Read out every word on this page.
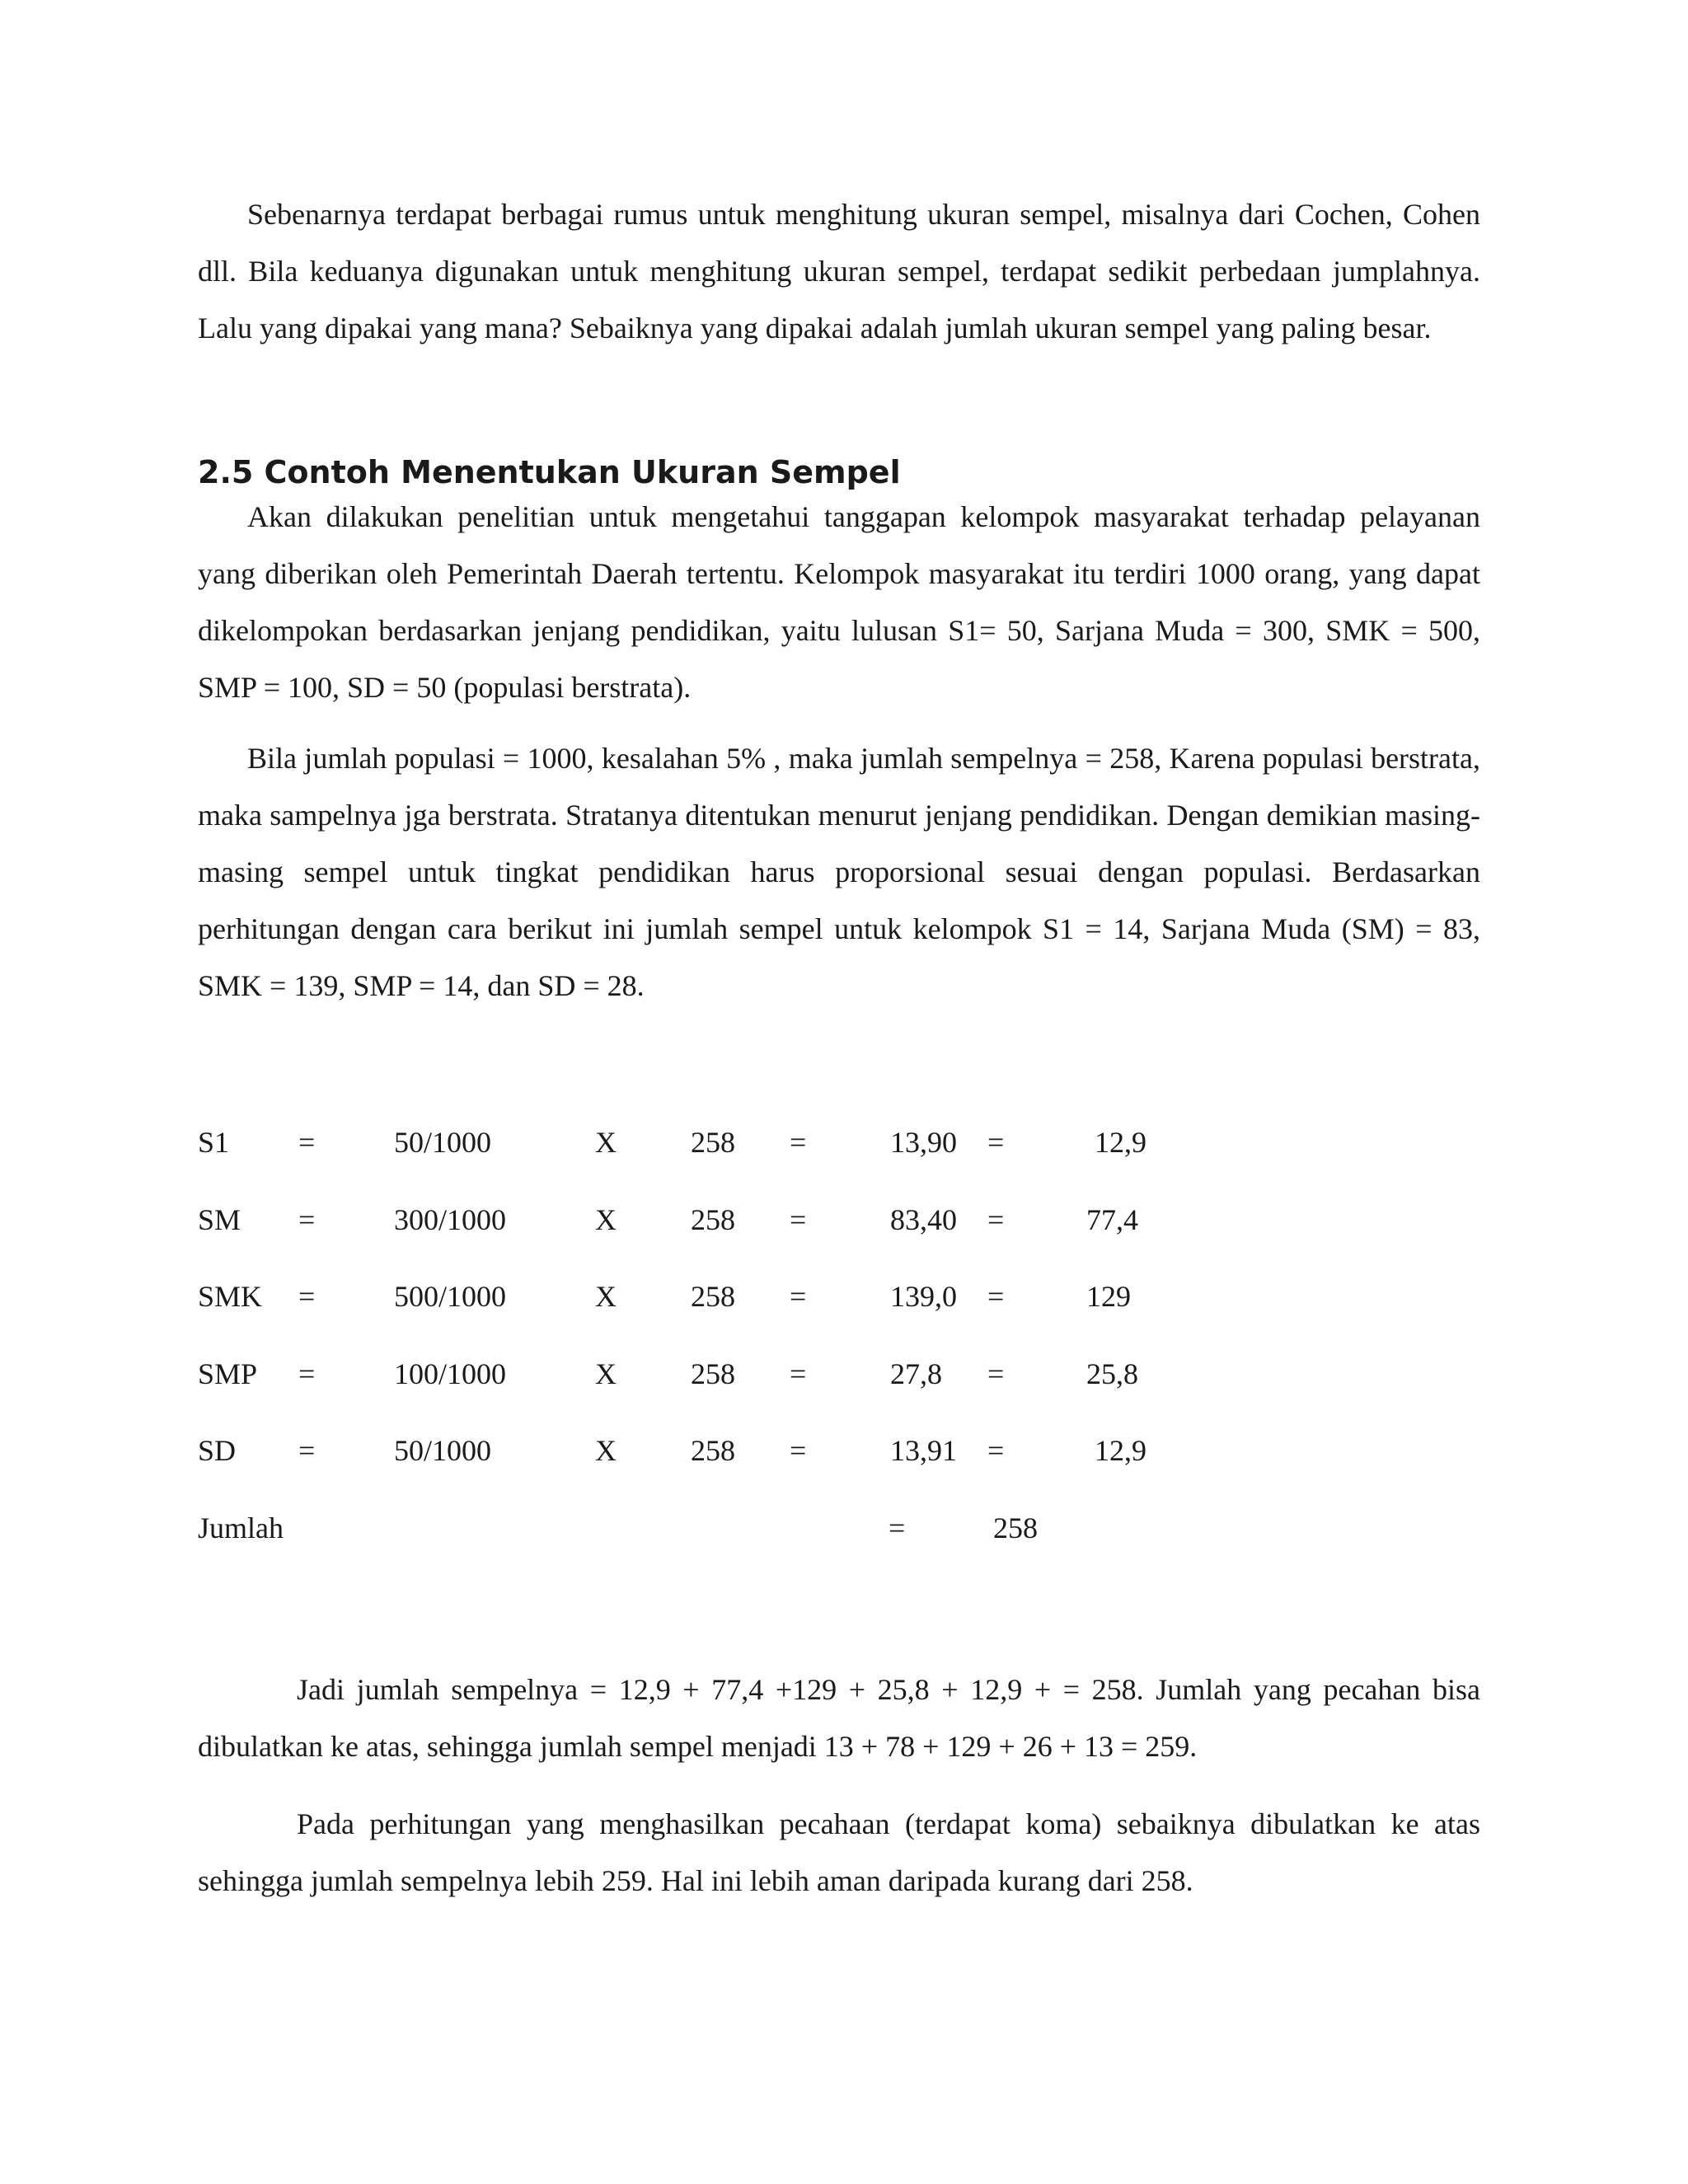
Sebenarnya terdapat berbagai rumus untuk menghitung ukuran sempel, misalnya dari Cochen, Cohen dll. Bila keduanya digunakan untuk menghitung ukuran sempel, terdapat sedikit perbedaan jumplahnya. Lalu yang dipakai yang mana? Sebaiknya yang dipakai adalah jumlah ukuran sempel yang paling besar.

2.5 Contoh Menentukan Ukuran Sempel

Akan dilakukan penelitian untuk mengetahui tanggapan kelompok masyarakat terhadap pelayanan yang diberikan oleh Pemerintah Daerah tertentu. Kelompok masyarakat itu terdiri 1000 orang, yang dapat dikelompokan berdasarkan jenjang pendidikan, yaitu lulusan S1= 50, Sarjana Muda = 300, SMK = 500, SMP = 100, SD = 50 (populasi berstrata).

Bila jumlah populasi = 1000, kesalahan 5% , maka jumlah sempelnya = 258, Karena populasi berstrata, maka sampelnya jga berstrata. Stratanya ditentukan menurut jenjang pendidikan. Dengan demikian masing-masing sempel untuk tingkat pendidikan harus proporsional sesuai dengan populasi. Berdasarkan perhitungan dengan cara berikut ini jumlah sempel untuk kelompok S1 = 14, Sarjana Muda (SM) = 83, SMK = 139, SMP = 14, dan SD = 28.

S1 =	50/1000	X	258 =	13,90 =	12,9
SM =	300/1000	X	258 =	83,40 =	77,4
SMK =	500/1000	X	258 =	139,0 =	129
SMP =	100/1000	X	258 =	27,8 =	25,8
SD =	50/1000	X	258 =	13,91 =	12,9
Jumlah	=	258

Jadi jumlah sempelnya = 12,9 + 77,4 +129 + 25,8 + 12,9 + = 258. Jumlah yang pecahan bisa dibulatkan ke atas, sehingga jumlah sempel menjadi 13 + 78 + 129 + 26 + 13 = 259.

Pada perhitungan yang menghasilkan pecahaan (terdapat koma) sebaiknya dibulatkan ke atas sehingga jumlah sempelnya lebih 259. Hal ini lebih aman daripada kurang dari 258.
